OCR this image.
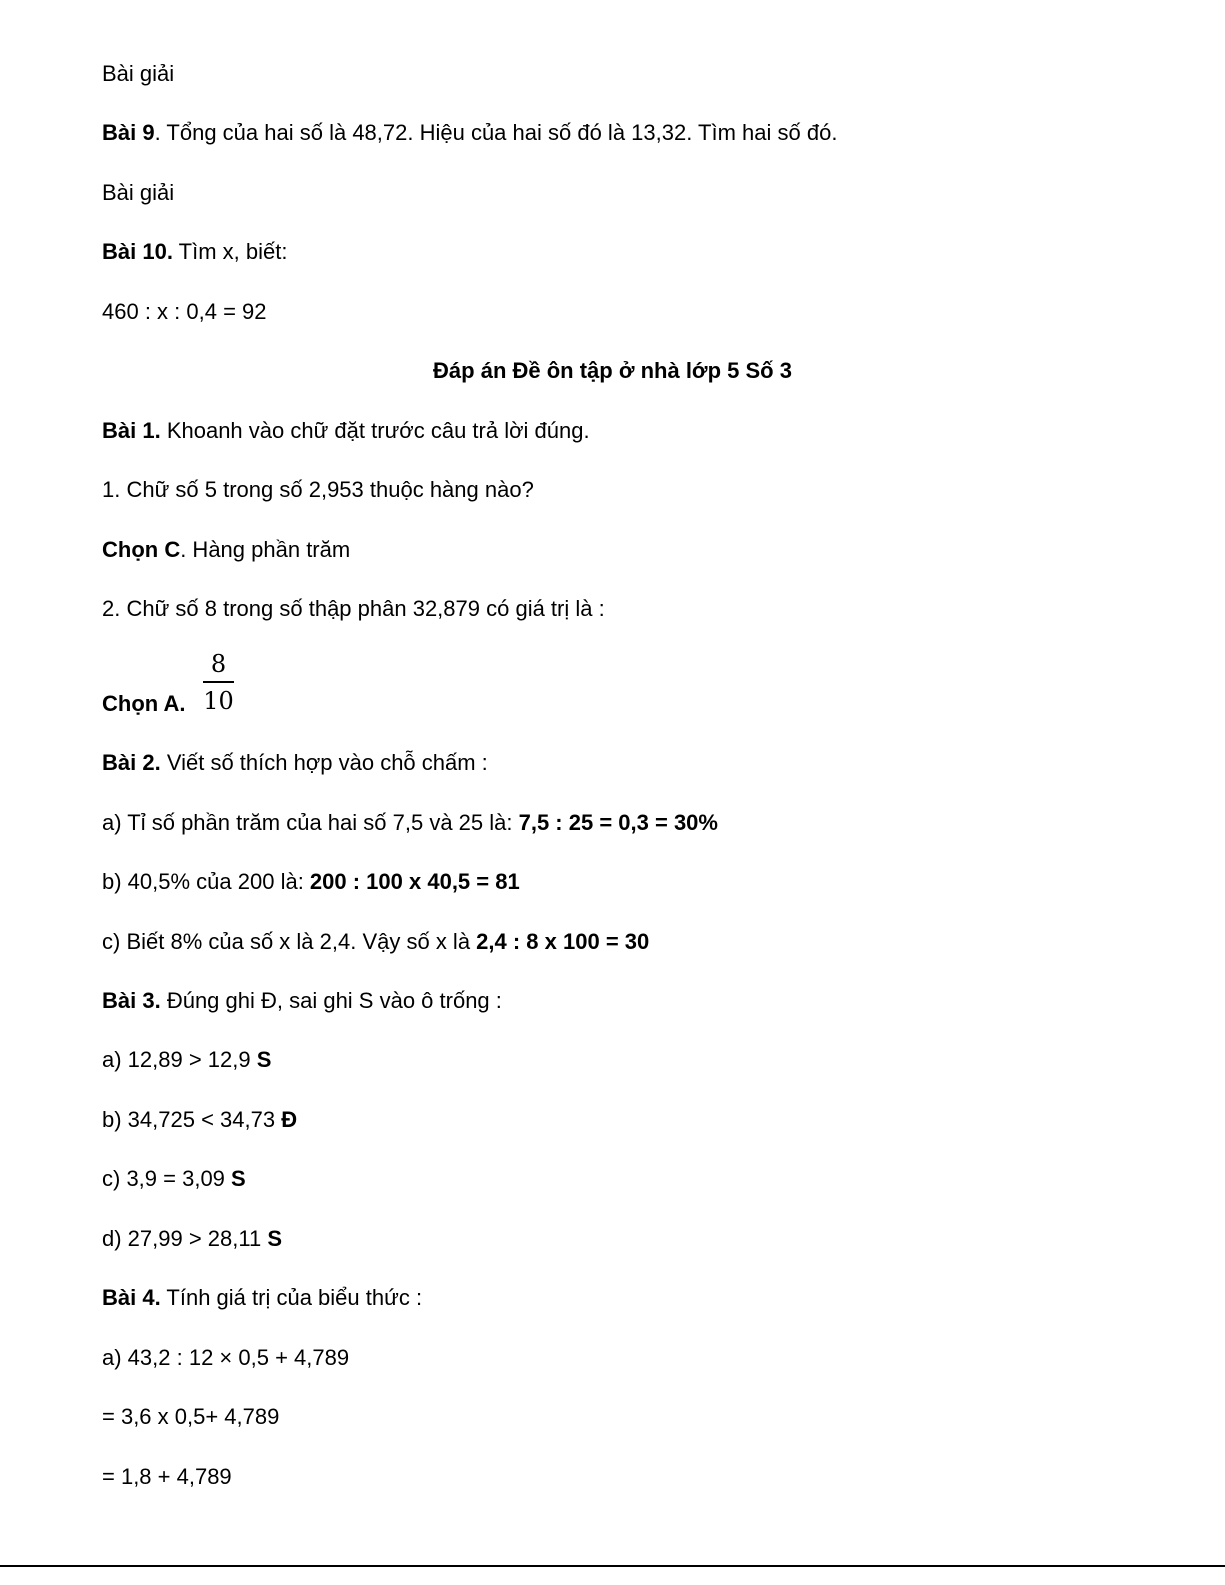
Bài giải
Bài 9. Tổng của hai số là 48,72. Hiệu của hai số đó là 13,32. Tìm hai số đó.
Bài giải
Bài 10. Tìm x, biết:
460 : x : 0,4 = 92
Đáp án Đề ôn tập ở nhà lớp 5 Số 3
Bài 1. Khoanh vào chữ đặt trước câu trả lời đúng.
1. Chữ số 5 trong số 2,953 thuộc hàng nào?
Chọn C. Hàng phần trăm
2. Chữ số 8 trong số thập phân 32,879 có giá trị là :
Chọn A.
8
10
Bài 2. Viết số thích hợp vào chỗ chấm :
a) Tỉ số phần trăm của hai số 7,5 và 25 là: 7,5 : 25 = 0,3 = 30%
b) 40,5% của 200 là: 200 : 100 x 40,5 = 81
c) Biết 8% của số x là 2,4. Vậy số x là 2,4 : 8 x 100 = 30
Bài 3. Đúng ghi Đ, sai ghi S vào ô trống :
a) 12,89 > 12,9 S
b) 34,725 < 34,73 Đ
c) 3,9 = 3,09 S
d) 27,99 > 28,11 S
Bài 4. Tính giá trị của biểu thức :
a) 43,2 : 12 × 0,5 + 4,789
= 3,6 x 0,5+ 4,789
= 1,8 + 4,789
